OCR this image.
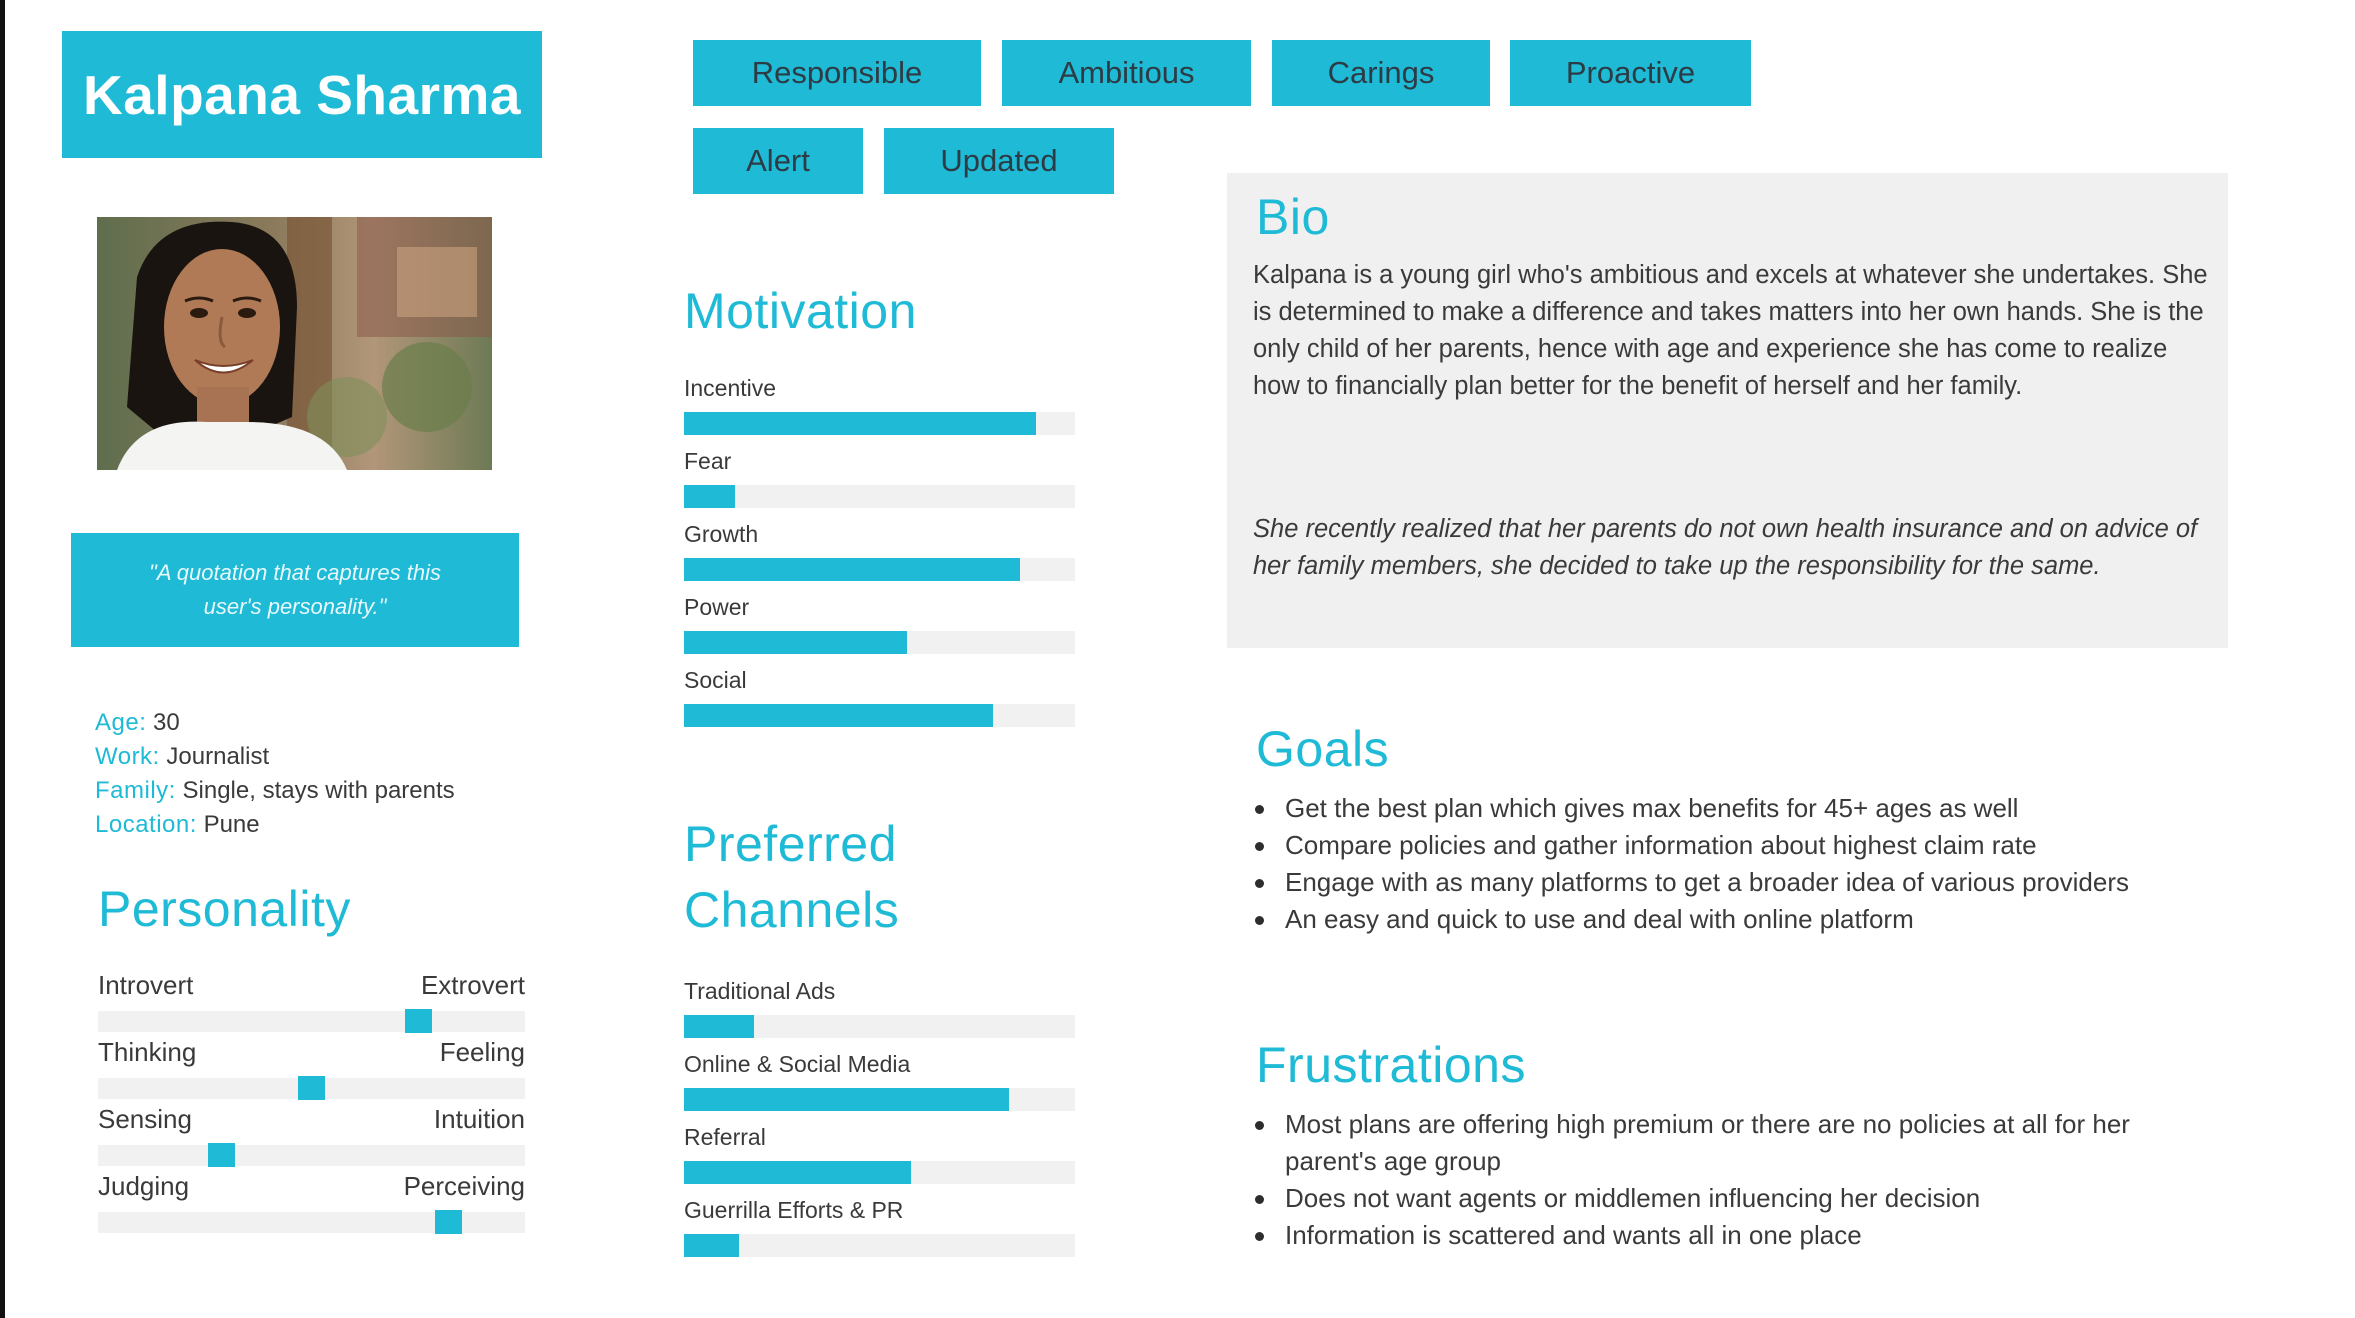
Kalpana Sharma
"A quotation that captures this user's personality."
Age: 30
Work: Journalist
Family: Single, stays with parents
Location: Pune
Personality
Introvert	Extrovert
Thinking	Feeling
Sensing	Intuition
Judging	Perceiving
Responsible	Ambitious	Carings	Proactive
Alert	Updated
Motivation
Incentive
Fear
Growth
Power
Social
Preferred
Channels
Traditional Ads
Online & Social Media
Referral
Guerrilla Efforts & PR
Bio

Kalpana is a young girl who's ambitious and excels at whatever she undertakes. She is determined to make a difference and takes matters into her own hands. She is the only child of her parents, hence with age and experience she has come to realize how to financially plan better for the benefit of herself and her family.

She recently realized that her parents do not own health insurance and on advice of her family members, she decided to take up the responsibility for the same.

Goals
Get the best plan which gives max benefits for 45+ ages as well
Compare policies and gather information about highest claim rate
Engage with as many platforms to get a broader idea of various providers
An easy and quick to use and deal with online platform
Frustrations
Most plans are offering high premium or there are no policies at all for her parent's age group
Does not want agents or middlemen influencing her decision
Information is scattered and wants all in one place
